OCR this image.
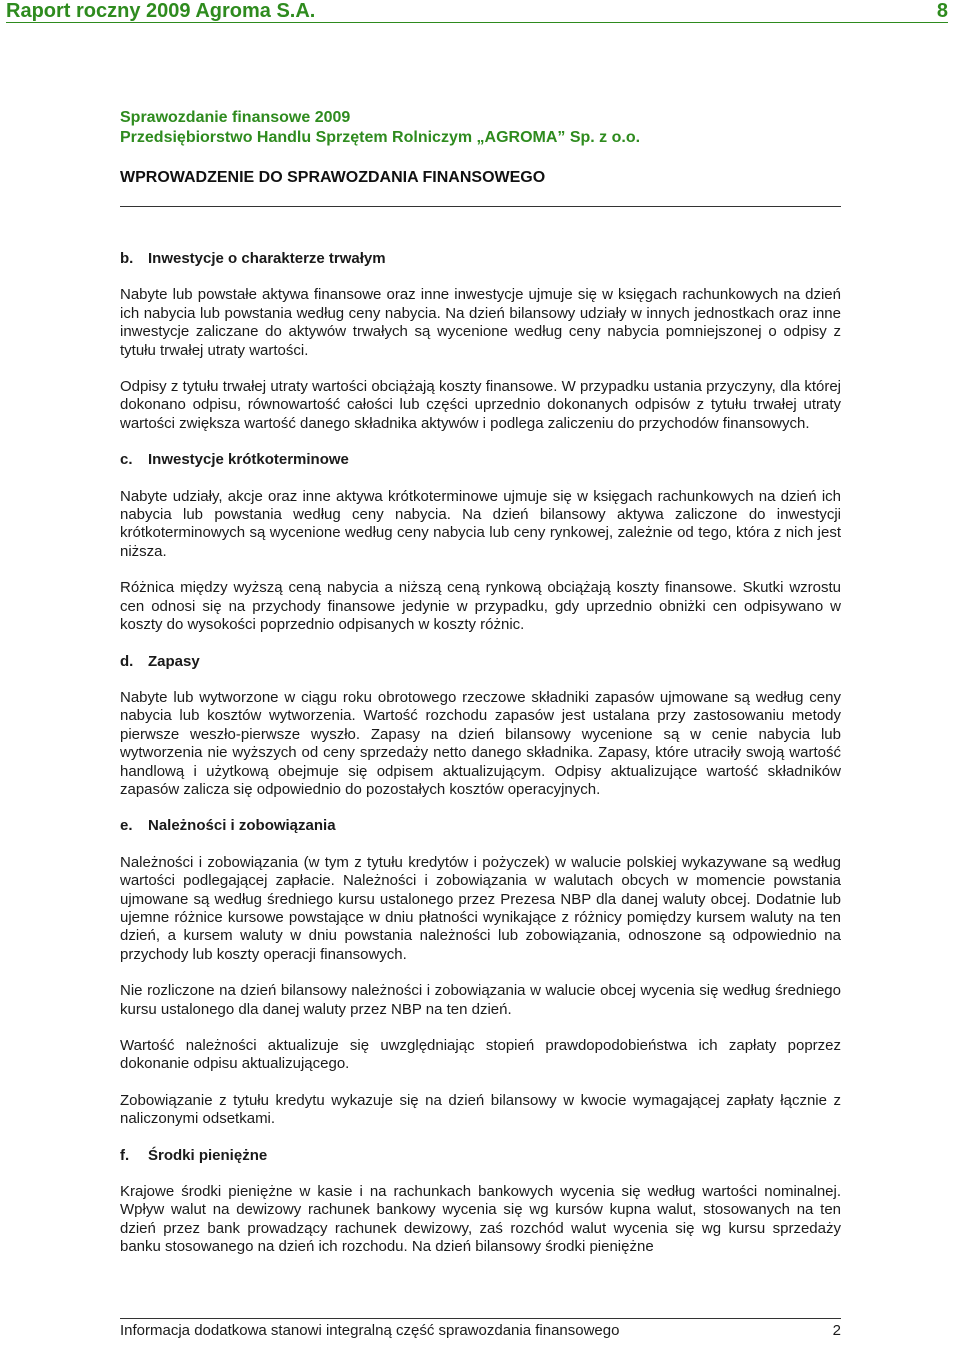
Raport roczny 2009 Agroma S.A.	8
Sprawozdanie finansowe 2009
Przedsiębiorstwo Handlu Sprzętem Rolniczym „AGROMA” Sp. z o.o.
WPROWADZENIE DO SPRAWOZDANIA FINANSOWEGO
b. Inwestycje o charakterze trwałym

Nabyte lub powstałe aktywa finansowe oraz inne inwestycje ujmuje się w księgach rachunkowych na dzień ich nabycia lub powstania według ceny nabycia. Na dzień bilansowy udziały w innych jednostkach oraz inne inwestycje zaliczane do aktywów trwałych są wycenione według ceny nabycia pomniejszonej o odpisy z tytułu trwałej utraty wartości.

Odpisy z tytułu trwałej utraty wartości obciążają koszty finansowe. W przypadku ustania przyczyny, dla której dokonano odpisu, równowartość całości lub części uprzednio dokonanych odpisów z tytułu trwałej utraty wartości zwiększa wartość danego składnika aktywów i podlega zaliczeniu do przychodów finansowych.

c.	Inwestycje krótkoterminowe

Nabyte udziały, akcje oraz inne aktywa krótkoterminowe ujmuje się w księgach rachunkowych na dzień ich nabycia lub powstania według ceny nabycia. Na dzień bilansowy aktywa zaliczone do inwestycji krótkoterminowych są wycenione według ceny nabycia lub ceny rynkowej, zależnie od tego, która z nich jest niższa.

Różnica między wyższą ceną nabycia a niższą ceną rynkową obciążają koszty finansowe. Skutki wzrostu cen odnosi się na przychody finansowe jedynie w przypadku, gdy uprzednio obniżki cen odpisywano w koszty do wysokości poprzednio odpisanych w koszty różnic.

d. Zapasy

Nabyte lub wytworzone w ciągu roku obrotowego rzeczowe składniki zapasów ujmowane są według ceny nabycia lub kosztów wytworzenia. Wartość rozchodu zapasów jest ustalana przy zastosowaniu metody pierwsze weszło-pierwsze wyszło. Zapasy na dzień bilansowy wycenione są w cenie nabycia lub wytworzenia nie wyższych od ceny sprzedaży netto danego składnika. Zapasy, które utraciły swoją wartość handlową i użytkową obejmuje się odpisem aktualizującym. Odpisy aktualizujące wartość składników zapasów zalicza się odpowiednio do pozostałych kosztów operacyjnych.

e.	Należności i zobowiązania

Należności i zobowiązania (w tym z tytułu kredytów i pożyczek) w walucie polskiej wykazywane są według wartości podlegającej zapłacie. Należności i zobowiązania w walutach obcych w momencie powstania ujmowane są według średniego kursu ustalonego przez Prezesa NBP dla danej waluty obcej. Dodatnie lub ujemne różnice kursowe powstające w dniu płatności wynikające z różnicy pomiędzy kursem waluty na ten dzień, a kursem waluty w dniu powstania należności lub zobowiązania, odnoszone są odpowiednio na przychody lub koszty operacji finansowych.

Nie rozliczone na dzień bilansowy należności i zobowiązania w walucie obcej wycenia się według średniego kursu ustalonego dla danej waluty przez NBP na ten dzień.

Wartość należności aktualizuje się uwzględniając stopień prawdopodobieństwa ich zapłaty poprzez dokonanie odpisu aktualizującego.

Zobowiązanie z tytułu kredytu wykazuje się na dzień bilansowy w kwocie wymagającej zapłaty łącznie z naliczonymi odsetkami.

f.	Środki pieniężne

Krajowe środki pieniężne w kasie i na rachunkach bankowych wycenia się według wartości nominalnej. Wpływ walut na dewizowy rachunek bankowy wycenia się wg kursów kupna walut, stosowanych na ten dzień przez bank prowadzący rachunek dewizowy, zaś rozchód walut wycenia się wg kursu sprzedaży banku stosowanego na dzień ich rozchodu. Na dzień bilansowy środki pieniężne

Informacja dodatkowa stanowi integralną część sprawozdania finansowego	2
